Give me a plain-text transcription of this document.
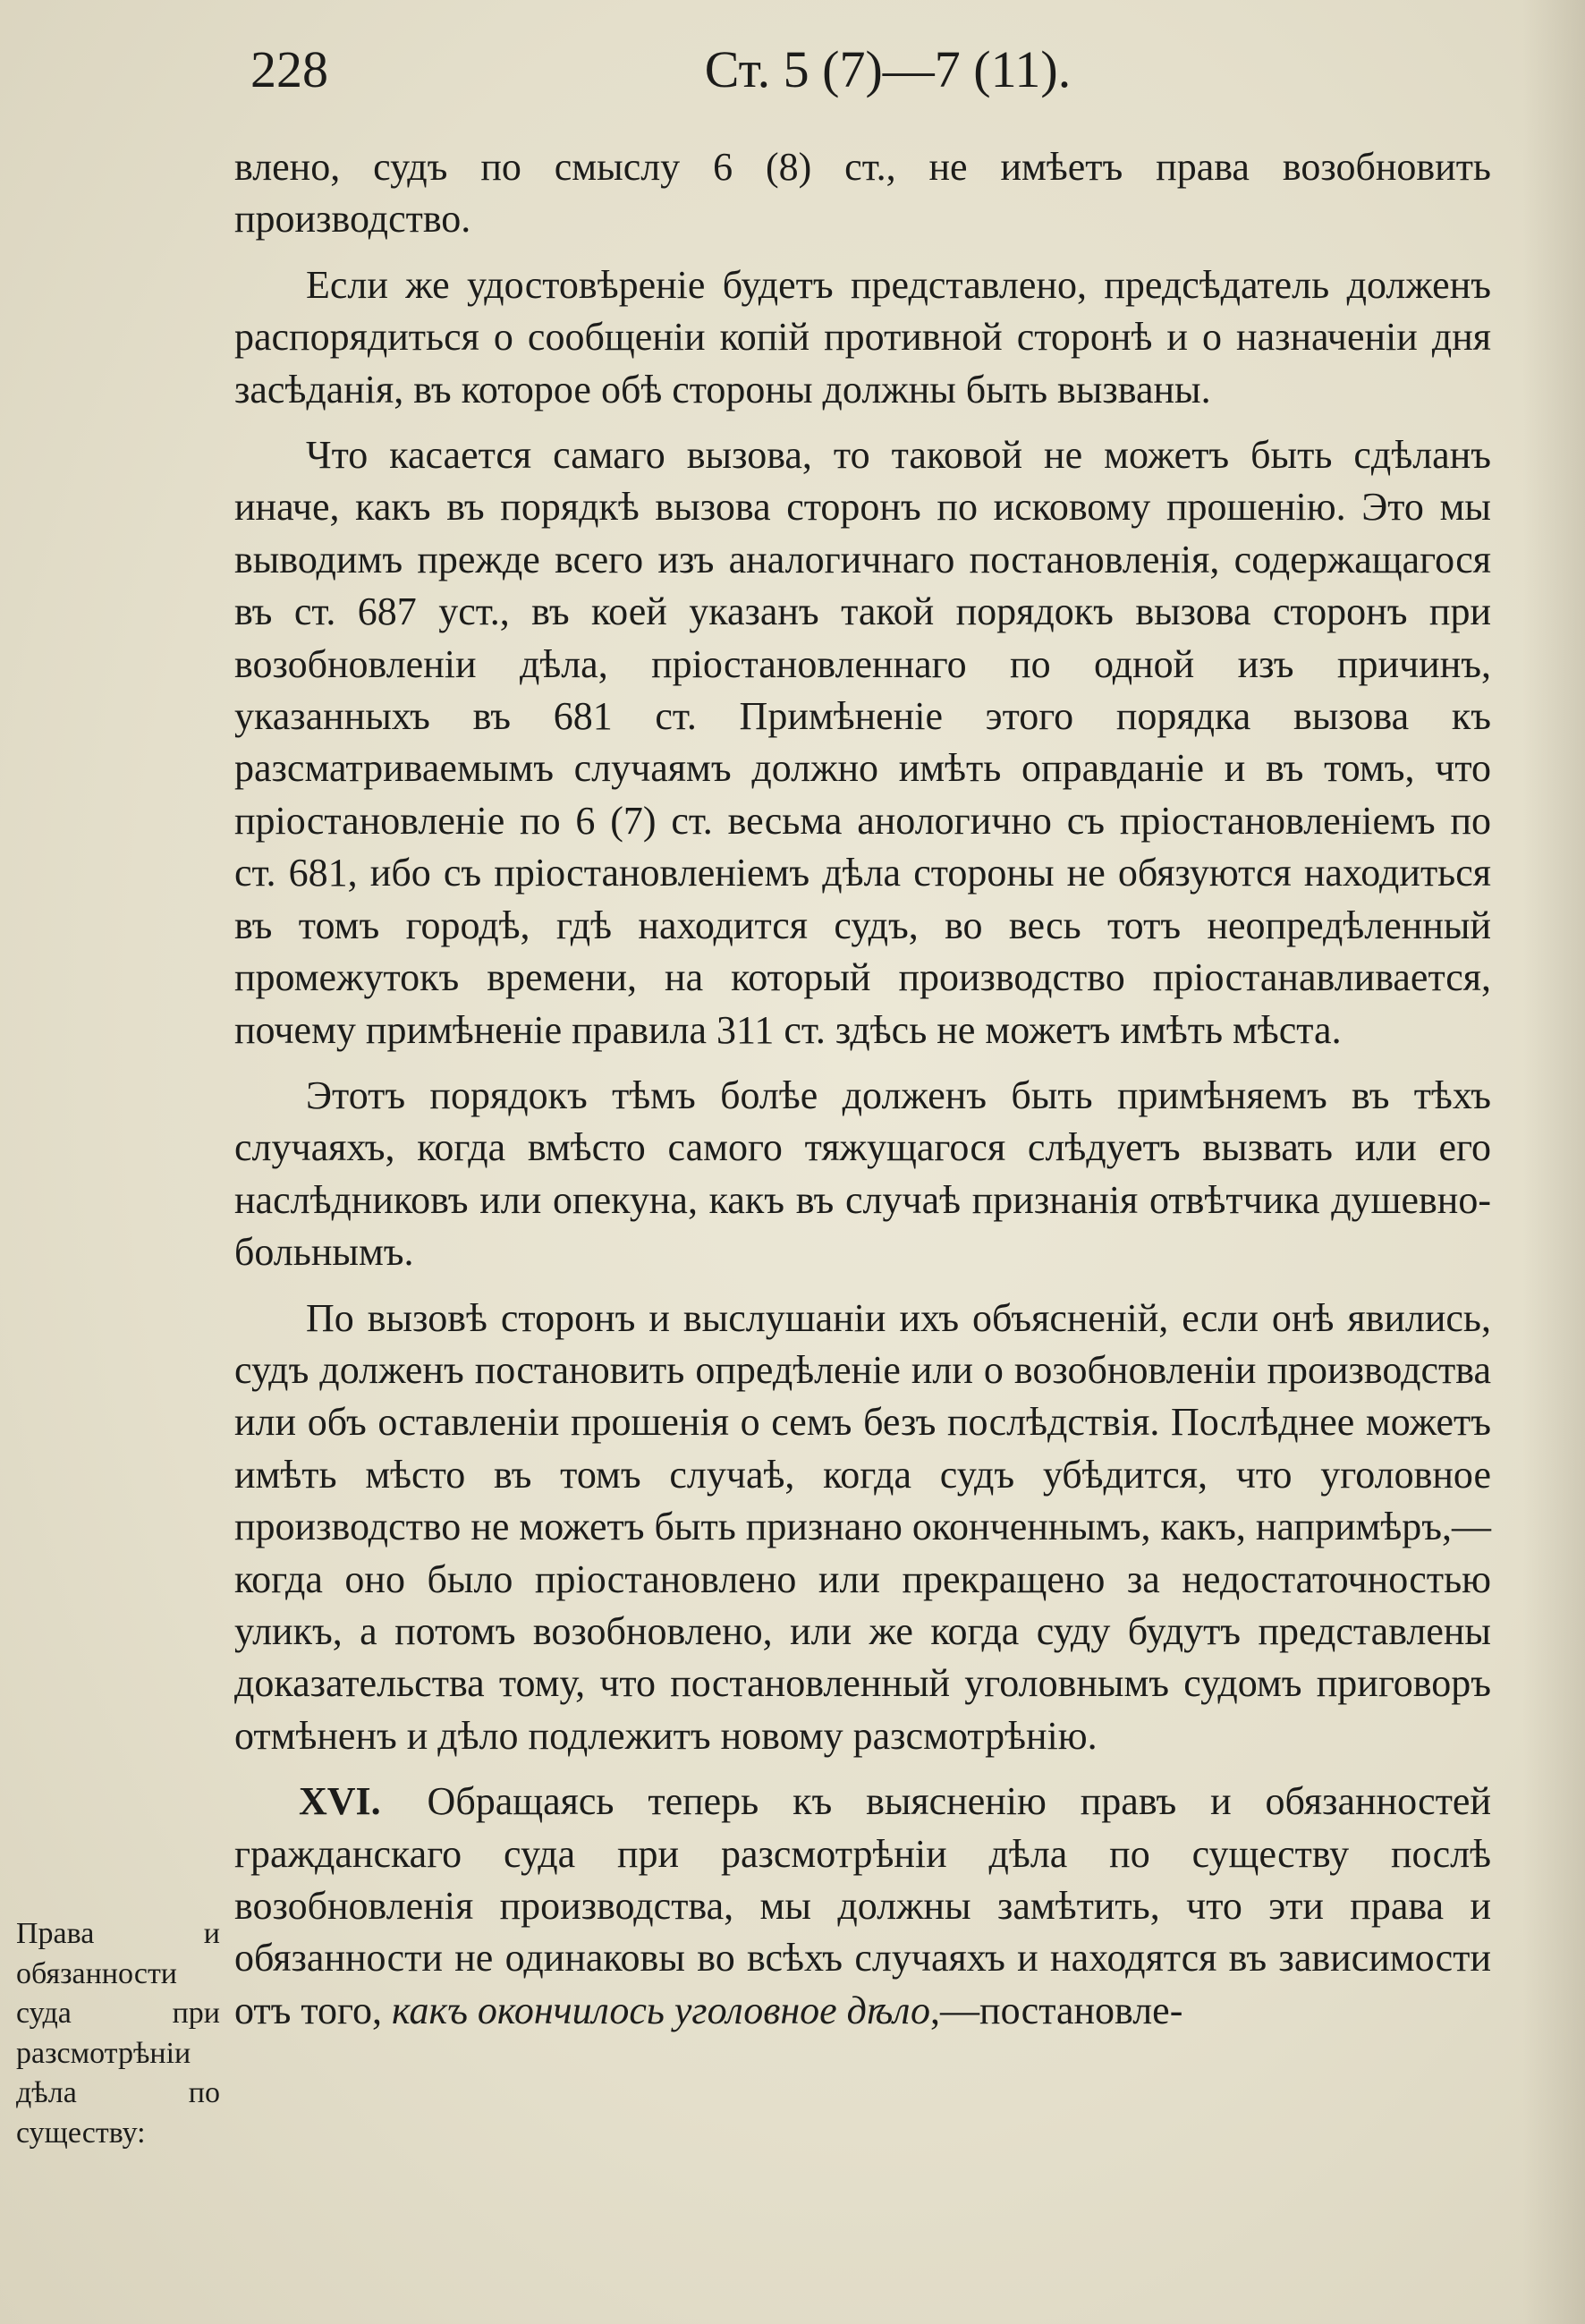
228	Ст. 5 (7)—7 (11).

влено, судъ по смыслу 6 (8) ст., не имѣетъ права возобновить производство.

Если же удостовѣреніе будетъ представлено, предсѣдатель долженъ распорядиться о сообщеніи копій противной сторонѣ и о назначеніи дня засѣданія, въ которое обѣ стороны должны быть вызваны.

Что касается самаго вызова, то таковой не можетъ быть сдѣланъ иначе, какъ въ порядкѣ вызова сторонъ по исковому прошенію. Это мы выводимъ прежде всего изъ аналогичнаго постановленія, содержащагося въ ст. 687 уст., въ коей указанъ такой порядокъ вызова сторонъ при возобновленіи дѣла, пріостановленнаго по одной изъ причинъ, указанныхъ въ 681 ст. Примѣненіе этого порядка вызова къ разсматриваемымъ случаямъ должно имѣть оправданіе и въ томъ, что пріостановленіе по 6 (7) ст. весьма анологично съ пріостановленіемъ по ст. 681, ибо съ пріостановленіемъ дѣла стороны не обязуются находиться въ томъ городѣ, гдѣ находится судъ, во весь тотъ неопредѣленный промежутокъ времени, на который производство пріостанавливается, почему примѣненіе правила 311 ст. здѣсь не можетъ имѣть мѣста.

Этотъ порядокъ тѣмъ болѣе долженъ быть примѣняемъ въ тѣхъ случаяхъ, когда вмѣсто самого тяжущагося слѣдуетъ вызвать или его наслѣдниковъ или опекуна, какъ въ случаѣ признанія отвѣтчика душевно-больнымъ.

По вызовѣ сторонъ и выслушаніи ихъ объясненій, если онѣ явились, судъ долженъ постановить опредѣленіе или о возобновленіи производства или объ оставленіи прошенія о семъ безъ послѣдствія. Послѣднее можетъ имѣть мѣсто въ томъ случаѣ, когда судъ убѣдится, что уголовное производство не можетъ быть признано оконченнымъ, какъ, напримѣръ,—когда оно было пріостановлено или прекращено за недостаточностью уликъ, а потомъ возобновлено, или же когда суду будутъ представлены доказательства тому, что постановленный уголовнымъ судомъ приговоръ отмѣненъ и дѣло подлежитъ новому разсмотрѣнію.

XVI. Обращаясь теперь къ выясненію правъ и обязанностей гражданскаго суда при разсмотрѣніи дѣла по существу послѣ возобновленія производства, мы должны замѣтить, что эти права и обязанности не одинаковы во всѣхъ случаяхъ и находятся въ зависимости отъ того, какъ окончилось уголовное дѣло,—постановле-

Права и обязанности суда при разсмотрѣніи дѣла по существу:
